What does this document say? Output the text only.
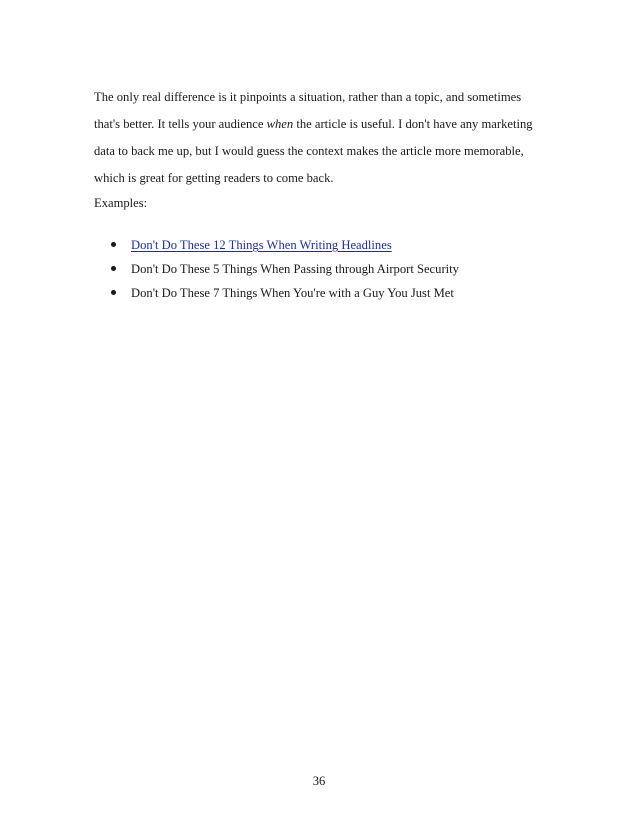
The only real difference is it pinpoints a situation, rather than a topic, and sometimes
that's better. It tells your audience when the article is useful. I don't have any marketing
data to back me up, but I would guess the context makes the article more memorable,
which is great for getting readers to come back.

Examples:

Don't Do These 12 Things When Writing Headlines
Don't Do These 5 Things When Passing through Airport Security
Don't Do These 7 Things When You're with a Guy You Just Met
36
